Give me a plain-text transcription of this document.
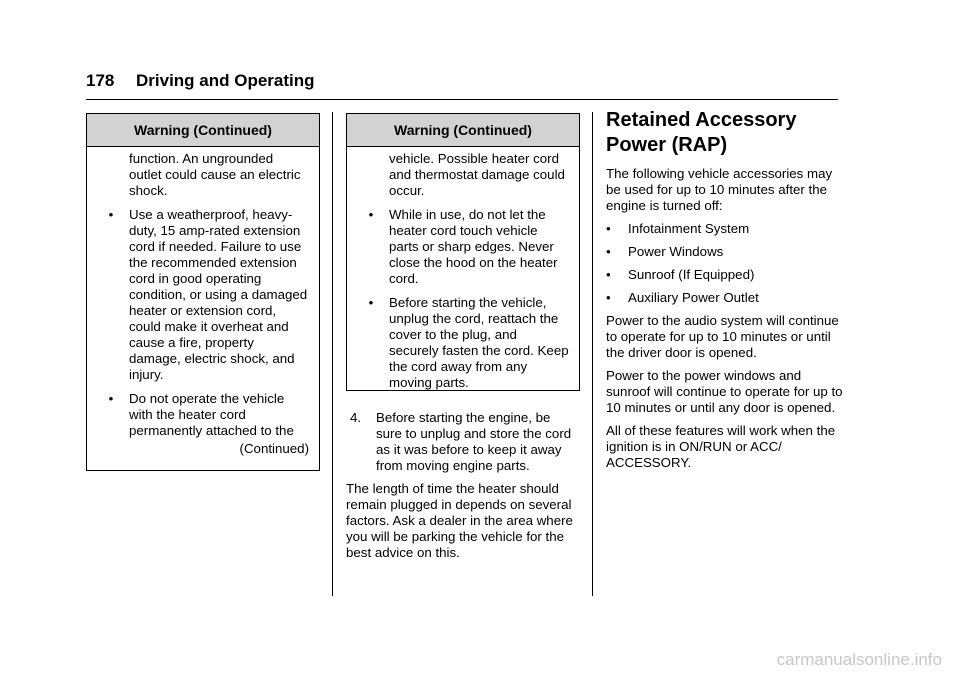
178 Driving and Operating
Warning (Continued)
function. An ungrounded outlet could cause an electric shock.
•	Use a weatherproof, heavy-duty, 15 amp-rated extension cord if needed. Failure to use the recommended extension cord in good operating condition, or using a damaged heater or extension cord, could make it overheat and cause a fire, property damage, electric shock, and injury.
•	Do not operate the vehicle with the heater cord permanently attached to the
(Continued)
Warning (Continued)
vehicle. Possible heater cord and thermostat damage could occur.
•	While in use, do not let the heater cord touch vehicle parts or sharp edges. Never close the hood on the heater cord.
•	Before starting the vehicle, unplug the cord, reattach the cover to the plug, and securely fasten the cord. Keep the cord away from any moving parts.
4. Before starting the engine, be sure to unplug and store the cord as it was before to keep it away from moving engine parts.
The length of time the heater should remain plugged in depends on several factors. Ask a dealer in the area where you will be parking the vehicle for the best advice on this.
Retained Accessory Power (RAP)
The following vehicle accessories may be used for up to 10 minutes after the engine is turned off:
• Infotainment System
• Power Windows
• Sunroof (If Equipped)
• Auxiliary Power Outlet
Power to the audio system will continue to operate for up to 10 minutes or until the driver door is opened.
Power to the power windows and sunroof will continue to operate for up to 10 minutes or until any door is opened.
All of these features will work when the ignition is in ON/RUN or ACC/ ACCESSORY.
carmanualsonline.info
